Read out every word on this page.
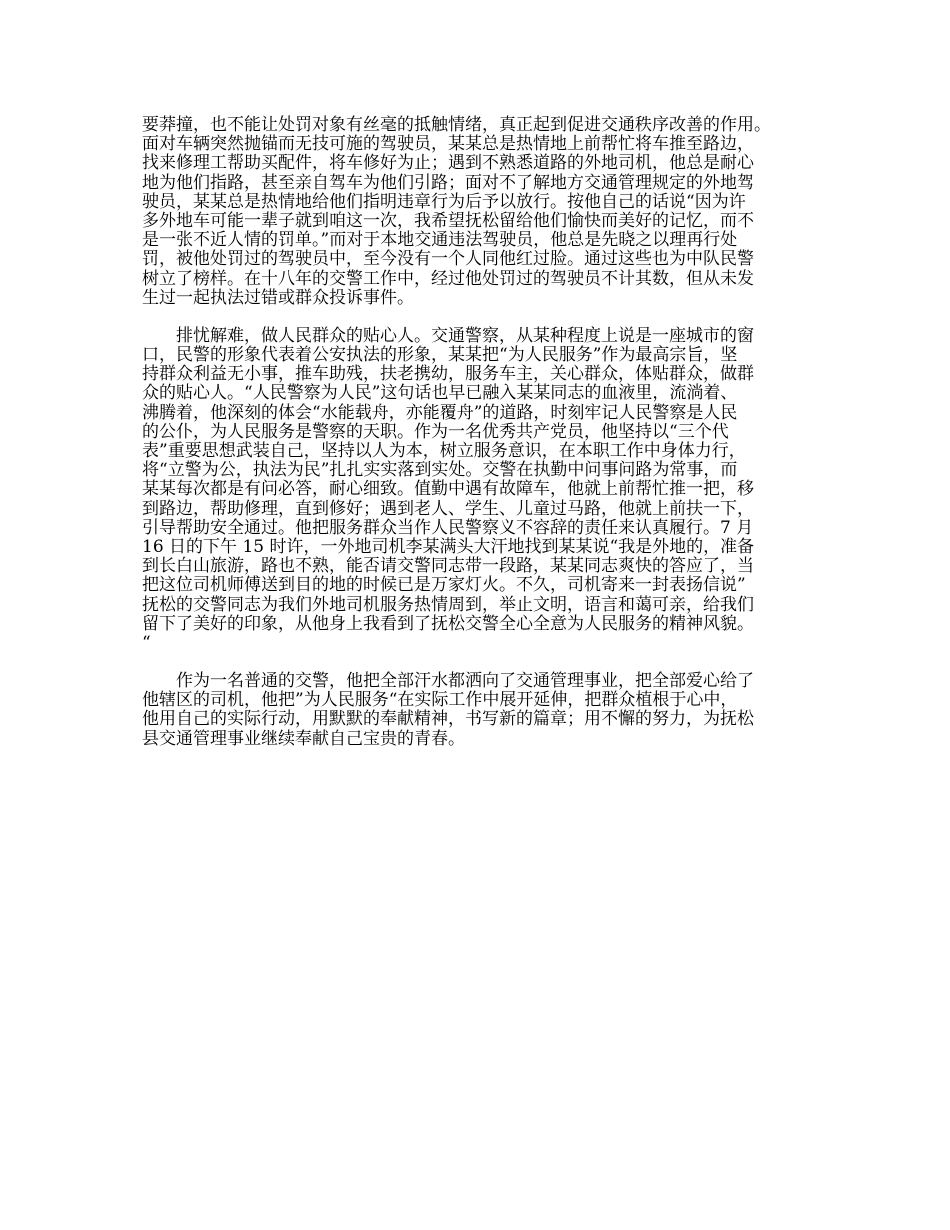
要莽撞，也不能让处罚对象有丝毫的抵触情绪，真正起到促进交通秩序改善的作用。
面对车辆突然抛锚而无技可施的驾驶员，某某总是热情地上前帮忙将车推至路边，
找来修理工帮助买配件，将车修好为止；遇到不熟悉道路的外地司机，他总是耐心
地为他们指路，甚至亲自驾车为他们引路；面对不了解地方交通管理规定的外地驾
驶员，某某总是热情地给他们指明违章行为后予以放行。按他自己的话说“因为许
多外地车可能一辈子就到咱这一次，我希望抚松留给他们愉快而美好的记忆，而不
是一张不近人情的罚单。”而对于本地交通违法驾驶员，他总是先晓之以理再行处
罚，被他处罚过的驾驶员中，至今没有一个人同他红过脸。通过这些也为中队民警
树立了榜样。在十八年的交警工作中，经过他处罚过的驾驶员不计其数，但从未发
生过一起执法过错或群众投诉事件。
　　排忧解难，做人民群众的贴心人。交通警察，从某种程度上说是一座城市的窗
口，民警的形象代表着公安执法的形象，某某把“为人民服务”作为最高宗旨，坚
持群众利益无小事，推车助残，扶老携幼，服务车主，关心群众，体贴群众，做群
众的贴心人。“人民警察为人民”这句话也早已融入某某同志的血液里，流淌着、
沸腾着，他深刻的体会“水能载舟，亦能覆舟”的道路，时刻牢记人民警察是人民
的公仆，为人民服务是警察的天职。作为一名优秀共产党员，他坚持以“三个代
表”重要思想武装自己，坚持以人为本，树立服务意识，在本职工作中身体力行，
将“立警为公，执法为民”扎扎实实落到实处。交警在执勤中问事问路为常事，而
某某每次都是有问必答，耐心细致。值勤中遇有故障车，他就上前帮忙推一把，移
到路边，帮助修理，直到修好；遇到老人、学生、儿童过马路，他就上前扶一下，
引导帮助安全通过。他把服务群众当作人民警察义不容辞的责任来认真履行。7 月
16 日的下午 15 时许，一外地司机李某满头大汗地找到某某说“我是外地的，准备
到长白山旅游，路也不熟，能否请交警同志带一段路，某某同志爽快的答应了，当
把这位司机师傅送到目的地的时候已是万家灯火。不久，司机寄来一封表扬信说”
抚松的交警同志为我们外地司机服务热情周到，举止文明，语言和蔼可亲，给我们
留下了美好的印象，从他身上我看到了抚松交警全心全意为人民服务的精神风貌。
“
　　作为一名普通的交警，他把全部汗水都洒向了交通管理事业，把全部爱心给了
他辖区的司机，他把”为人民服务“在实际工作中展开延伸，把群众植根于心中，
他用自己的实际行动，用默默的奉献精神，书写新的篇章；用不懈的努力，为抚松
县交通管理事业继续奉献自己宝贵的青春。
